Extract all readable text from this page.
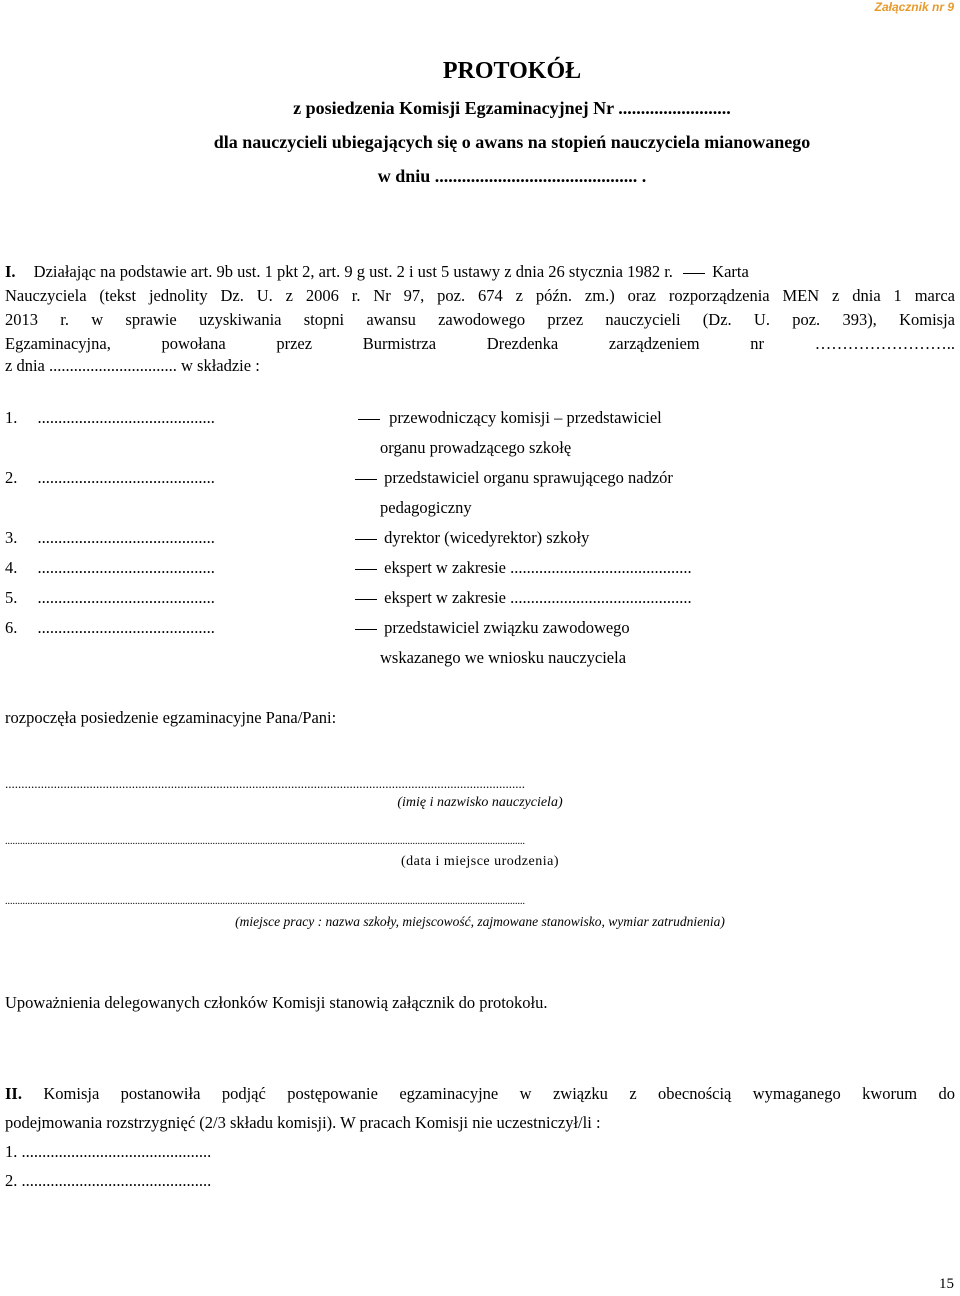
Załącznik nr 9
PROTOKÓŁ
z posiedzenia Komisji Egzaminacyjnej Nr .........................
dla nauczycieli ubiegających się o awans na stopień nauczyciela mianowanego
w dniu ............................................. .
I. Działając na podstawie art. 9b ust. 1 pkt 2, art. 9 g ust. 2 i ust 5 ustawy z dnia 26 stycznia 1982 r. Karta
Nauczyciela (tekst jednolity Dz. U. z 2006 r. Nr 97, poz. 674 z późn. zm.) oraz rozporządzenia MEN z dnia 1 marca
2013 r. w sprawie uzyskiwania stopni awansu zawodowego przez nauczycieli (Dz. U. poz. 393), Komisja
Egzaminacyjna, powołana przez Burmistrza Drezdenka zarządzeniem nr ……………………..
z dnia ............................... w składzie :
1. ...........................................	przewodniczący komisji – przedstawiciel
organu prowadzącego szkołę
2. ...........................................	przedstawiciel organu sprawującego nadzór
pedagogiczny
3. ...........................................	dyrektor (wicedyrektor) szkoły
4. ...........................................	ekspert w zakresie ............................................
5. ...........................................	ekspert w zakresie ............................................
6. ...........................................	przedstawiciel związku zawodowego
wskazanego we wniosku nauczyciela
rozpoczęła posiedzenie egzaminacyjne Pana/Pani:
................................................................................................................................................................
(imię i nazwisko nauczyciela)
................................................................................................................................................................................................................
(data i miejsce urodzenia)
................................................................................................................................................................................................................
(miejsce pracy : nazwa szkoły, miejscowość, zajmowane stanowisko, wymiar zatrudnienia)
Upoważnienia delegowanych członków Komisji stanowią załącznik do protokołu.
II. Komisja postanowiła podjąć postępowanie egzaminacyjne w związku z obecnością wymaganego kworum do
podejmowania rozstrzygnięć (2/3 składu komisji). W pracach Komisji nie uczestniczył/li :
1. ..............................................
2. ..............................................
15
